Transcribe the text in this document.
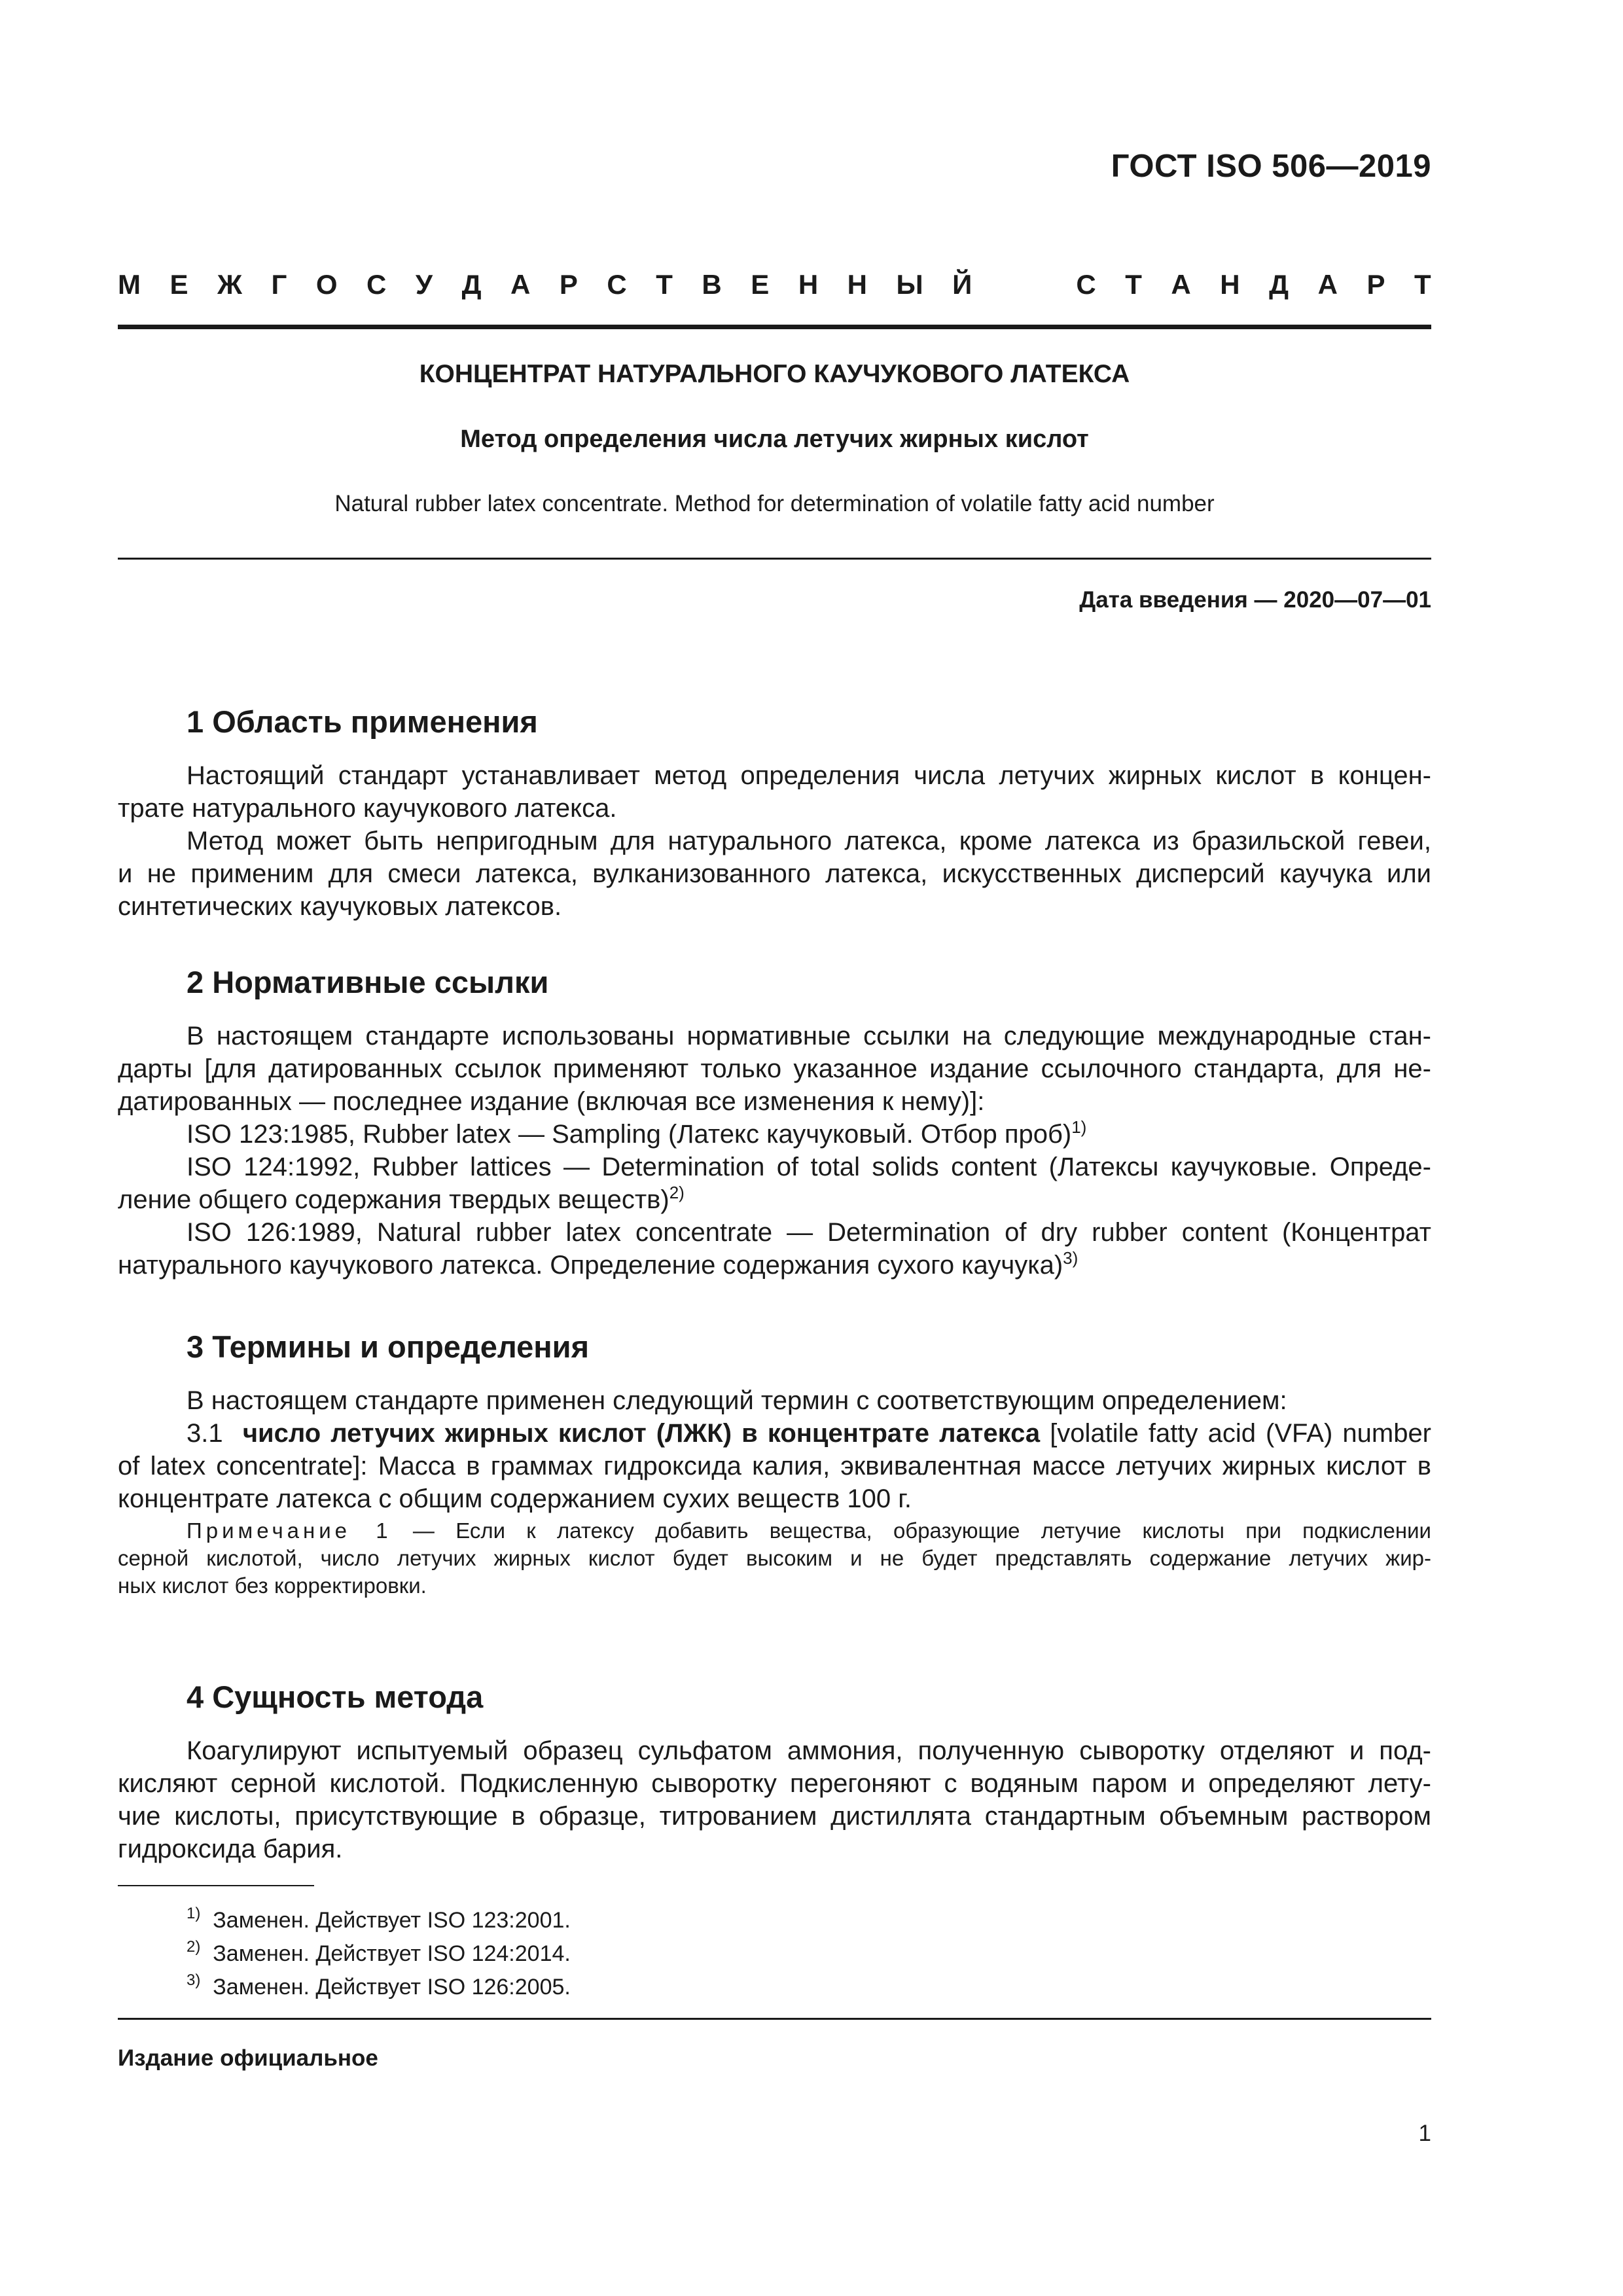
ГОСТ ISO 506—2019
М Е Ж Г О С У Д А Р С Т В Е Н Н Ы Й	С Т А Н Д А Р Т
КОНЦЕНТРАТ НАТУРАЛЬНОГО КАУЧУКОВОГО ЛАТЕКСА
Метод определения числа летучих жирных кислот
Natural rubber latex concentrate. Method for determination of volatile fatty acid number
Дата введения — 2020—07—01
1 Область применения

Настоящий стандарт устанавливает метод определения числа летучих жирных кислот в концен-

трате натурального каучукового латекса.

Метод может быть непригодным для натурального латекса, кроме латекса из бразильской гевеи,

и не применим для смеси латекса, вулканизованного латекса, искусственных дисперсий каучука или

синтетических каучуковых латексов.

2 Нормативные ссылки

В настоящем стандарте использованы нормативные ссылки на следующие международные стан-

дарты [для датированных ссылок применяют только указанное издание ссылочного стандарта, для не-

датированных — последнее издание (включая все изменения к нему)]:

ISO 123:1985, Rubber latex — Sampling (Латекс каучуковый. Отбор проб)$^{1)}$

ISO 124:1992, Rubber lattices — Determination of total solids content (Латексы каучуковые. Опреде-

ление общего содержания твердых веществ)$^{2)}$

ISO 126:1989, Natural rubber latex concentrate — Determination of dry rubber content (Концентрат

натурального каучукового латекса. Определение содержания сухого каучука)$^{3)}$

3 Термины и определения

В настоящем стандарте применен следующий термин с соответствующим определением:

3.1 число летучих жирных кислот (ЛЖК) в концентрате латекса [volatile fatty acid (VFA) number

of latex concentrate]: Масса в граммах гидроксида калия, эквивалентная массе летучих жирных кислот в

концентрате латекса с общим содержанием сухих веществ 100 г.

Примечание 1 — Если к латексу добавить вещества, образующие летучие кислоты при подкислении

серной кислотой, число летучих жирных кислот будет высоким и не будет представлять содержание летучих жир-

ных кислот без корректировки.

4 Сущность метода

Коагулируют испытуемый образец сульфатом аммония, полученную сыворотку отделяют и под-

кисляют серной кислотой. Подкисленную сыворотку перегоняют с водяным паром и определяют лету-

чие кислоты, присутствующие в образце, титрованием дистиллята стандартным объемным раствором

гидроксида бария.

$^{1)}$ Заменен. Действует ISO 123:2001.
$^{2)}$ Заменен. Действует ISO 124:2014.
$^{3)}$ Заменен. Действует ISO 126:2005.
Издание официальное
1
